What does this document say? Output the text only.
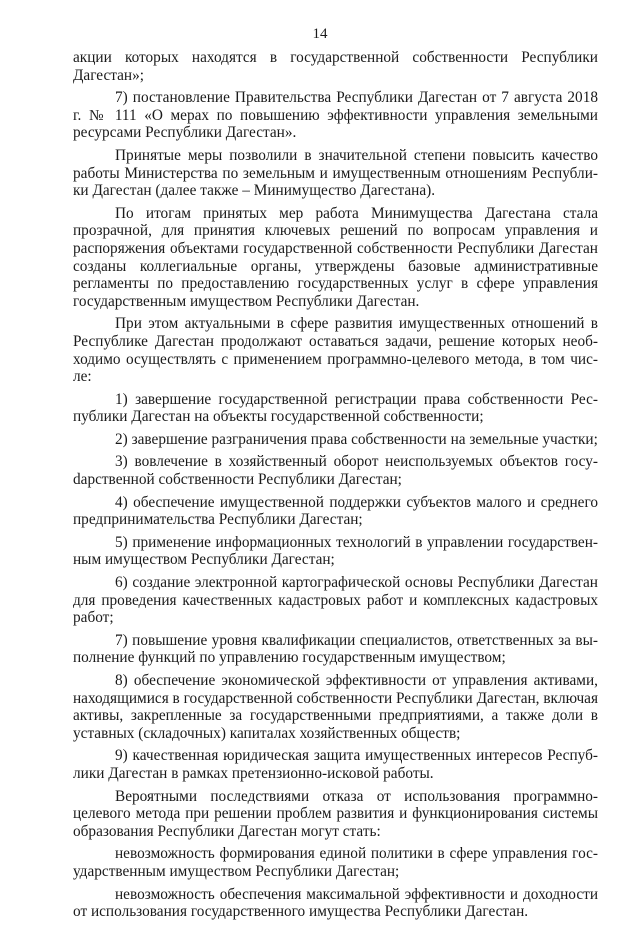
14

акции которых находятся в государственной собственности Республики Дагестан»;

7) постановление Правительства Республики Дагестан от 7 августа 2018 г. № 111 «О мерах по повышению эффективности управления земельными ресурсами Республики Дагестан».

Принятые меры позволили в значительной степени повысить качество работы Министерства по земельным и имущественным отношениям Республики Дагестан (далее также – Минимущество Дагестана).

По итогам принятых мер работа Минимущества Дагестана стала прозрачной, для принятия ключевых решений по вопросам управления и распоряжения объектами государственной собственности Республики Дагестан созданы коллегиальные органы, утверждены базовые административные регламенты по предоставлению государственных услуг в сфере управления государственным имуществом Республики Дагестан.

При этом актуальными в сфере развития имущественных отношений в Республике Дагестан продолжают оставаться задачи, решение которых необходимо осуществлять с применением программно-целевого метода, в том числе:

1) завершение государственной регистрации права собственности Республики Дагестан на объекты государственной собственности;

2) завершение разграничения права собственности на земельные участки;

3) вовлечение в хозяйственный оборот неиспользуемых объектов госуdарственной собственности Республики Дагестан;

4) обеспечение имущественной поддержки субъектов малого и среднего предпринимательства Республики Дагестан;

5) применение информационных технологий в управлении государственным имуществом Республики Дагестан;

6) создание электронной картографической основы Республики Дагестан для проведения качественных кадастровых работ и комплексных кадастровых работ;

7) повышение уровня квалификации специалистов, ответственных за выполнение функций по управлению государственным имуществом;

8) обеспечение экономической эффективности от управления активами, находящимися в государственной собственности Республики Дагестан, включая активы, закрепленные за государственными предприятиями, а также доли в уставных (складочных) капиталах хозяйственных обществ;

9) качественная юридическая защита имущественных интересов Республики Дагестан в рамках претензионно-исковой работы.

Вероятными последствиями отказа от использования программно-целевого метода при решении проблем развития и функционирования системы образования Республики Дагестан могут стать:

невозможность формирования единой политики в сфере управления государственным имуществом Республики Дагестан;

невозможность обеспечения максимальной эффективности и доходности от использования государственного имущества Республики Дагестан.
